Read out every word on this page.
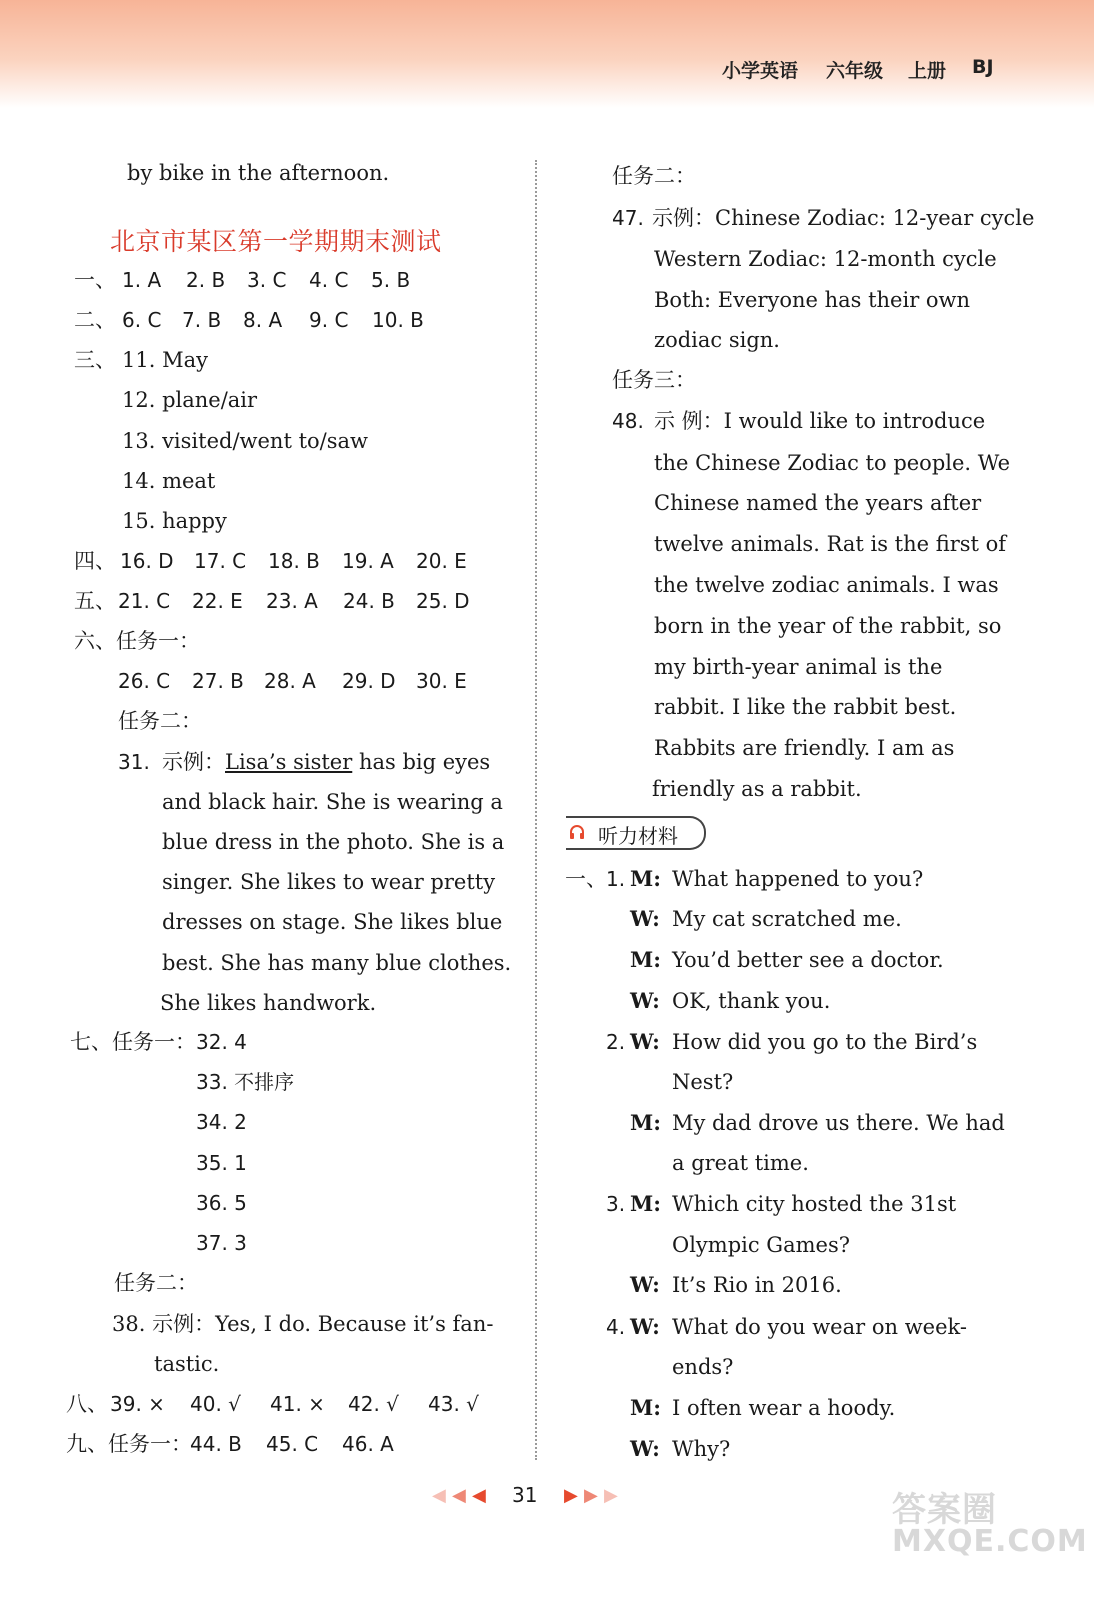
小学英语 六年级 上册 BJ
by bike in the afternoon.
北京市某区第一学期期末测试
一、 1. A 2. B 3. C 4. C 5. B
二、 6. C 7. B 8. A 9. C 10. B
三、 11. May
12. plane/air
13. visited/went to/saw
14. meat
15. happy
四、 16. D 17. C 18. B 19. A 20. E
五、 21. C 22. E 23. A 24. B 25. D
六、任务一：
26. C 27. B 28. A 29. D 30. E
任务二：
31. 示例：Lisa’s sister has big eyes
and black hair. She is wearing a
blue dress in the photo. She is a
singer. She likes to wear pretty
dresses on stage. She likes blue
best. She has many blue clothes.
She likes handwork.
七、任务一： 32. 4
33. 不排序
34. 2
35. 1
36. 5
37. 3
任务二：
38. 示例：Yes, I do. Because it’s fan-
tastic.
八、 39. × 40. √ 41. × 42. √ 43. √
九、任务一：
44. B 45. C 46. A
任务二：
47. 示例：Chinese Zodiac: 12-year cycle
Western Zodiac: 12-month cycle
Both: Everyone has their own
zodiac sign.
任务三：
48. 示 例：I would like to introduce
the Chinese Zodiac to people. We
Chinese named the years after
twelve animals. Rat is the first of
the twelve zodiac animals. I was
born in the year of the rabbit, so
my birth-year animal is the
rabbit. I like the rabbit best.
Rabbits are friendly. I am as
friendly as a rabbit.
听力材料
一、 1. M: What happened to you?
W: My cat scratched me.
M: You’d better see a doctor.
W: OK, thank you.
2. W: How did you go to the Bird’s
Nest?
M: My dad drove us there. We had
a great time.
3. M: Which city hosted the 31st
Olympic Games?
W: It’s Rio in 2016.
4. W: What do you wear on week-
ends?
M: I often wear a hoody.
W: Why?
◀ ◀ ◀ 31 ▶ ▶ ▶	答案圈
MXQE.COM
